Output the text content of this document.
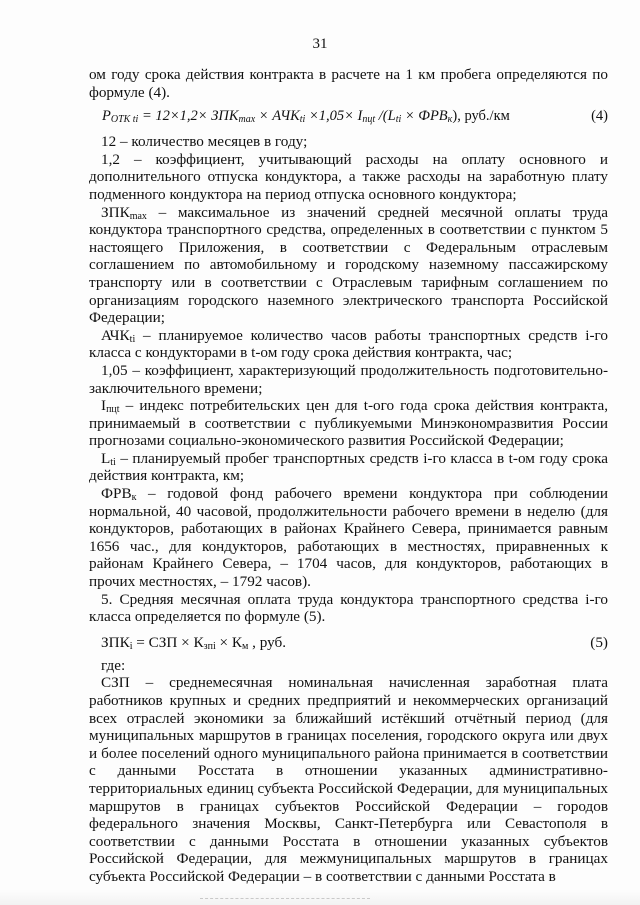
31

ом году срока действия контракта в расчете на 1 км пробега определяются по формуле (4).

$P_{ОТК ti} = 12\times 1,2\times ЗПК_{max} \times АЧК_{ti} \times 1,05\times I_{пцt}$ $/(L_{ti} \times ФРВ_к)$, руб./км	(4)

12 – количество месяцев в году;

1,2 – коэффициент, учитывающий расходы на оплату основного и дополнительного отпуска кондуктора, а также расходы на заработную плату подменного кондуктора на период отпуска основного кондуктора;

$ЗПК_{max}$ – максимальное из значений средней месячной оплаты труда кондуктора транспортного средства, определенных в соответствии с пунктом 5 настоящего Приложения, в соответствии с Федеральным отраслевым соглашением по автомобильному и городскому наземному пассажирскому транспорту или в соответствии с Отраслевым тарифным соглашением по организациям городского наземного электрического транспорта Российской Федерации;

$АЧК_{ti}$ – планируемое количество часов работы транспортных средств i-го класса с кондукторами в t-ом году срока действия контракта, час;

1,05 – коэффициент, характеризующий продолжительность подготовительно-заключительного времени;

$I_{пцt}$ – индекс потребительских цен для t-ого года срока действия контракта, принимаемый в соответствии с публикуемыми Минэкономразвития России прогнозами социально-экономического развития Российской Федерации;

$L_{ti}$ – планируемый пробег транспортных средств i-го класса в t-ом году срока действия контракта, км;

$ФРВ_к$ – годовой фонд рабочего времени кондуктора при соблюдении нормальной, 40 часовой, продолжительности рабочего времени в неделю (для кондукторов, работающих в районах Крайнего Севера, принимается равным 1656 час., для кондукторов, работающих в местностях, приравненных к районам Крайнего Севера, – 1704 часов, для кондукторов, работающих в прочих местностях, – 1792 часов).

5. Средняя месячная оплата труда кондуктора транспортного средства i-го класса определяется по формуле (5).

$ЗПК_i$ = СЗП × $К_{зпi} \times К_м$ , руб.	(5)

где:

СЗП – среднемесячная номинальная начисленная заработная плата работников крупных и средних предприятий и некоммерческих организаций всех отраслей экономики за ближайший истёкший отчётный период (для муниципальных маршрутов в границах поселения, городского округа или двух и более поселений одного муниципального района принимается в соответствии с данными Росстата в отношении указанных административно-территориальных единиц субъекта Российской Федерации, для муниципальных маршрутов в границах субъектов Российской Федерации – городов федерального значения Москвы, Санкт-Петербурга или Севастополя в соответствии с данными Росстата в отношении указанных субъектов Российской Федерации, для межмуниципальных маршрутов в границах субъекта Российской Федерации – в соответствии с данными Росстата в
